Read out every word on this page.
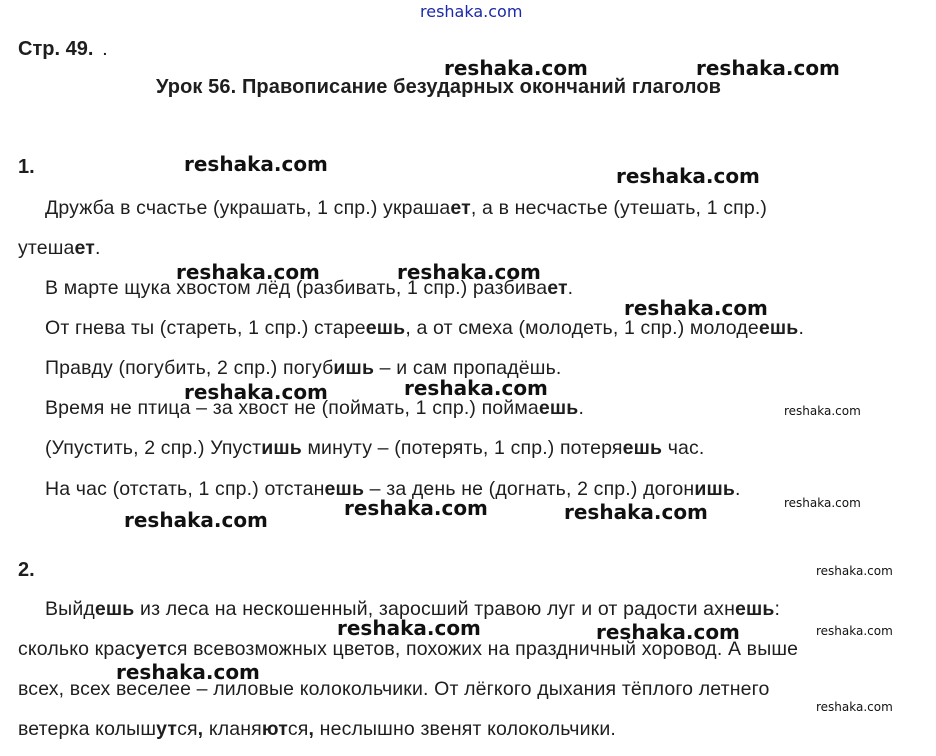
reshaka.com
Стр. 49. .
Урок 56. Правописание безударных окончаний глаголов
1.
2.
Дружба в счастье (украшать, 1 спр.) украшает, а в несчастье (утешать, 1 спр.)
утешает.
В марте щука хвостом лёд (разбивать, 1 спр.) разбивает.
От гнева ты (стареть, 1 спр.) стареешь, а от смеха (молодеть, 1 спр.) молодеешь.
Правду (погубить, 2 спр.) погубишь – и сам пропадёшь.
Время не птица – за хвост не (поймать, 1 спр.) поймаешь.
(Упустить, 2 спр.) Упустишь минуту – (потерять, 1 спр.) потеряешь час.
На час (отстать, 1 спр.) отстанешь – за день не (догнать, 2 спр.) догонишь.
Выйдешь из леса на нескошенный, заросший травою луг и от радости ахнешь:
сколько красуется всевозможных цветов, похожих на праздничный хоровод. А выше
всех, всех веселее – лиловые колокольчики. От лёгкого дыхания тёплого летнего
ветерка колышутся, кланяются, неслышно звенят колокольчики.
reshaka.com	reshaka.com
reshaka.com	reshaka.com
reshaka.com	reshaka.com
reshaka.com
reshaka.com	reshaka.com
reshaka.com
reshaka.com
reshaka.com	reshaka.com
reshaka.com
reshaka.com
reshaka.com	reshaka.com	reshaka.com
reshaka.com
reshaka.com
